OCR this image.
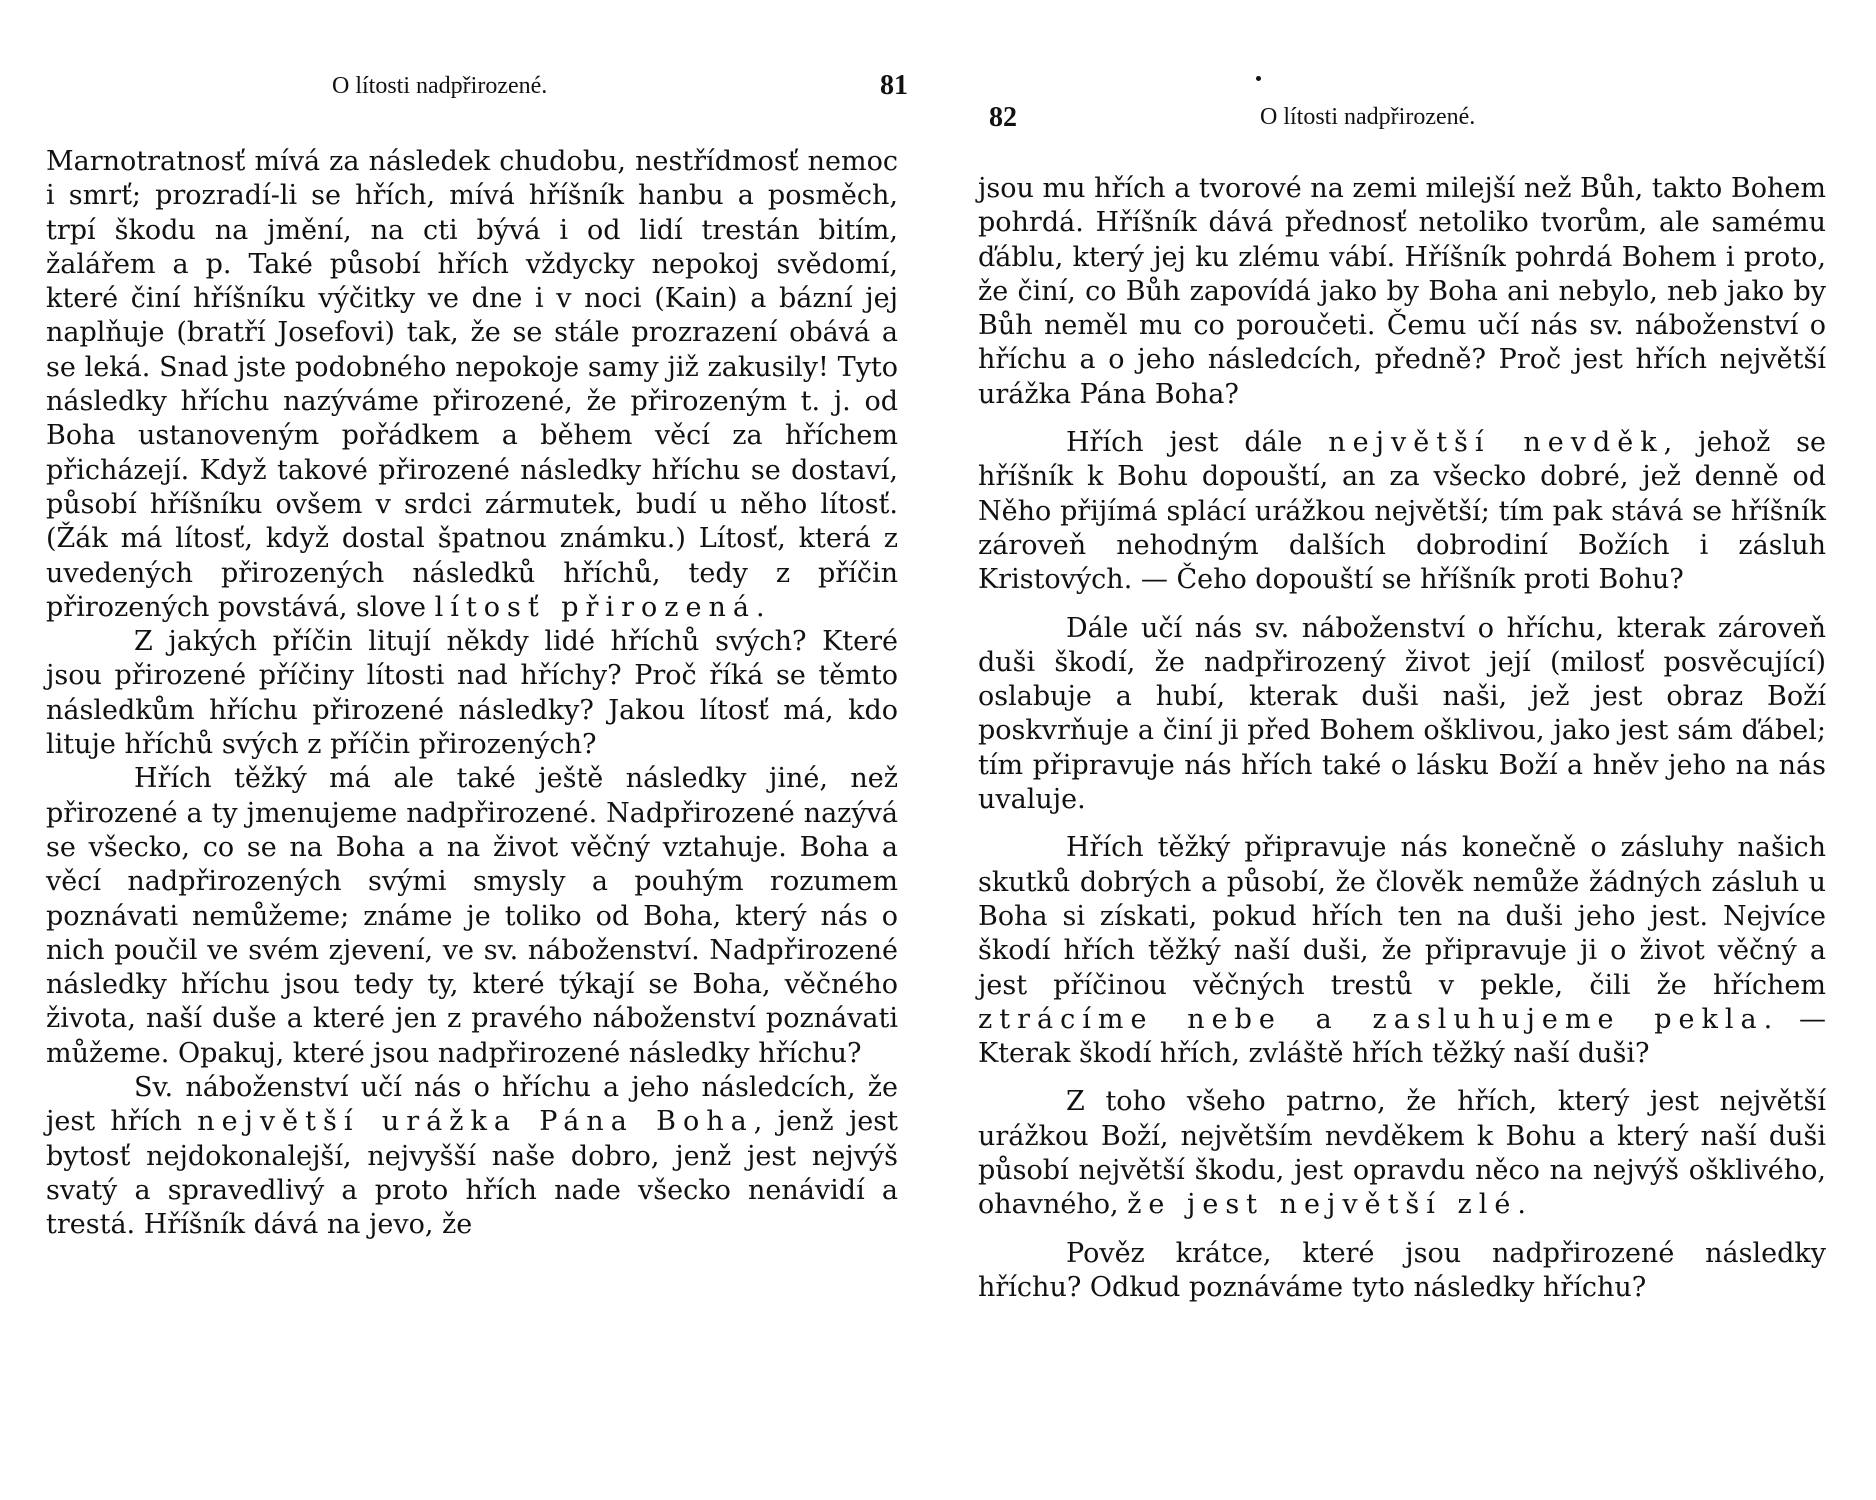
O lítosti nadpřirozené.	81

Marnotratnosť mívá za následek chudobu, nestřídmosť nemoc i smrť; prozradí-li se hřích, mívá hříšník hanbu a posměch, trpí škodu na jmění, na cti bývá i od lidí trestán bitím, žalářem a p. Také působí hřích vždycky nepokoj svědomí, které činí hříšníku výčitky ve dne i v noci (Kain) a bázní jej naplňuje (bratří Josefovi) tak, že se stále prozrazení obává a se leká. Snad jste podobného nepokoje samy již zakusily! Tyto následky hříchu nazýváme přirozené, že přirozeným t. j. od Boha ustanoveným pořádkem a během věcí za hříchem přicházejí. Když takové přirozené následky hříchu se dostaví, působí hříšníku ovšem v srdci zármutek, budí u něho lítosť. (Žák má lítosť, když dostal špatnou známku.) Lítosť, která z uvedených přirozených následků hříchů, tedy z příčin přirozených povstává, slove lítosť přirozená.

Z jakých příčin litují někdy lidé hříchů svých? Které jsou přirozené příčiny lítosti nad hříchy? Proč říká se těmto následkům hříchu přirozené následky? Jakou lítosť má, kdo lituje hříchů svých z příčin přirozených?

Hřích těžký má ale také ještě následky jiné, než přirozené a ty jmenujeme nadpřirozené. Nadpřirozené nazývá se všecko, co se na Boha a na život věčný vztahuje. Boha a věcí nadpřirozených svými smysly a pouhým rozumem poznávati nemůžeme; známe je toliko od Boha, který nás o nich poučil ve svém zjevení, ve sv. náboženství. Nadpřirozené následky hříchu jsou tedy ty, které týkají se Boha, věčného života, naší duše a které jen z pravého náboženství poznávati můžeme. Opakuj, které jsou nadpřirozené následky hříchu?

Sv. náboženství učí nás o hříchu a jeho následcích, že jest hřích největší urážka Pána Boha, jenž jest bytosť nejdokonalejší, nejvyšší naše dobro, jenž jest nejvýš svatý a spravedlivý a proto hřích nade všecko nenávidí a trestá. Hříšník dává na jevo, že

82	O lítosti nadpřirozené.

jsou mu hřích a tvorové na zemi milejší než Bůh, takto Bohem pohrdá. Hříšník dává přednosť netoliko tvorům, ale samému ďáblu, který jej ku zlému vábí. Hříšník pohrdá Bohem i proto, že činí, co Bůh zapovídá jako by Boha ani nebylo, neb jako by Bůh neměl mu co poroučeti. Čemu učí nás sv. náboženství o hříchu a o jeho následcích, předně? Proč jest hřích největší urážka Pána Boha?

Hřích jest dále největší nevděk, jehož se hříšník k Bohu dopouští, an za všecko dobré, jež denně od Něho přijímá splácí urážkou největší; tím pak stává se hříšník zároveň nehodným dalších dobrodiní Božích i zásluh Kristových. — Čeho dopouští se hříšník proti Bohu?

Dále učí nás sv. náboženství o hříchu, kterak zároveň duši škodí, že nadpřirozený život její (milosť posvěcující) oslabuje a hubí, kterak duši naši, jež jest obraz Boží poskvrňuje a činí ji před Bohem ošklivou, jako jest sám ďábel; tím připravuje nás hřích také o lásku Boží a hněv jeho na nás uvaluje.

Hřích těžký připravuje nás konečně o zásluhy našich skutků dobrých a působí, že člověk nemůže žádných zásluh u Boha si získati, pokud hřích ten na duši jeho jest. Nejvíce škodí hřích těžký naší duši, že připravuje ji o život věčný a jest příčinou věčných trestů v pekle, čili že hříchem ztrácíme nebe a zasluhujeme pekla. — Kterak škodí hřích, zvláště hřích těžký naší duši?

Z toho všeho patrno, že hřích, který jest největší urážkou Boží, největším nevděkem k Bohu a který naší duši působí největší škodu, jest opravdu něco na nejvýš ošklivého, ohavného, že jest největší zlé.

Pověz krátce, které jsou nadpřirozené následky hříchu? Odkud poznáváme tyto následky hříchu?
